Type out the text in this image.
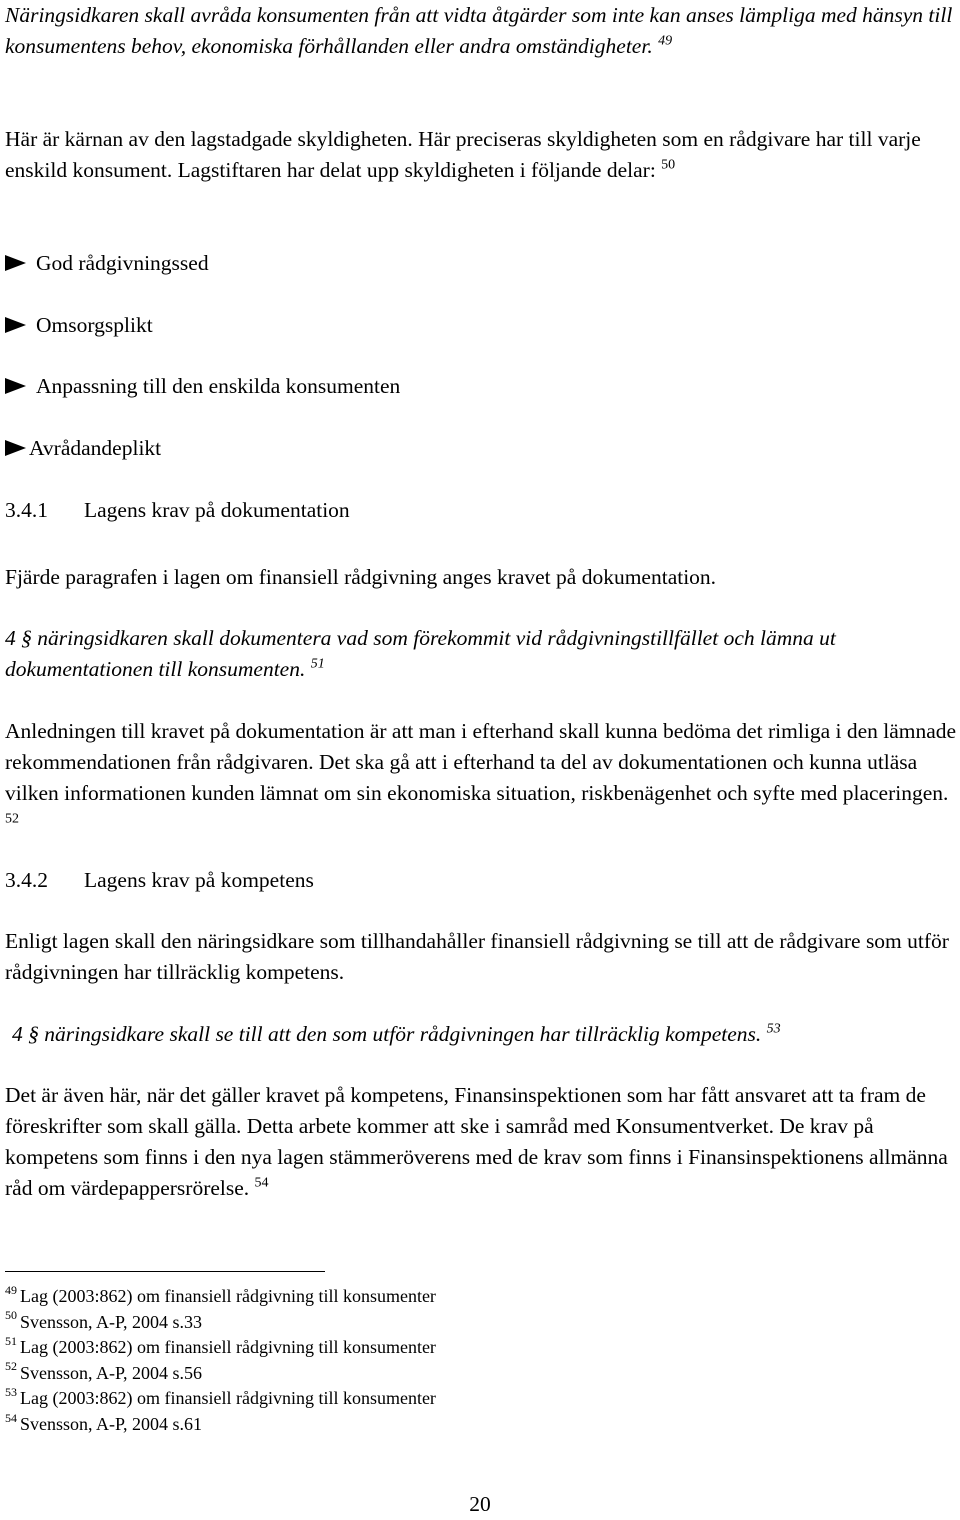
Näringsidkaren skall avråda konsumenten från att vidta åtgärder som inte kan anses lämpliga med hänsyn till konsumentens behov, ekonomiska förhållanden eller andra omständigheter. $^{49}$
Här är kärnan av den lagstadgade skyldigheten. Här preciseras skyldigheten som en rådgivare har till varje enskild konsument. Lagstiftaren har delat upp skyldigheten i följande delar: $^{50}$
God rådgivningssed
Omsorgsplikt
Anpassning till den enskilda konsumenten
Avrådandeplikt
3.4.1 Lagens krav på dokumentation
Fjärde paragrafen i lagen om finansiell rådgivning anges kravet på dokumentation.
4 § näringsidkaren skall dokumentera vad som förekommit vid rådgivningstillfället och lämna ut dokumentationen till konsumenten. $^{51}$
Anledningen till kravet på dokumentation är att man i efterhand skall kunna bedöma det rimliga i den lämnade rekommendationen från rådgivaren. Det ska gå att i efterhand ta del av dokumentationen och kunna utläsa vilken informationen kunden lämnat om sin ekonomiska situation, riskbenägenhet och syfte med placeringen. $^{52}$
3.4.2 Lagens krav på kompetens
Enligt lagen skall den näringsidkare som tillhandahåller finansiell rådgivning se till att de rådgivare som utför rådgivningen har tillräcklig kompetens.
4 § näringsidkare skall se till att den som utför rådgivningen har tillräcklig kompetens. $^{53}$
Det är även här, när det gäller kravet på kompetens, Finansinspektionen som har fått ansvaret att ta fram de föreskrifter som skall gälla. Detta arbete kommer att ske i samråd med Konsumentverket. De krav på kompetens som finns i den nya lagen stämmeröverens med de krav som finns i Finansinspektionens allmänna råd om värdepappersrörelse. $^{54}$
$^{49}$ Lag (2003:862) om finansiell rådgivning till konsumenter
$^{50}$ Svensson, A-P, 2004 s.33
$^{51}$ Lag (2003:862) om finansiell rådgivning till konsumenter
$^{52}$ Svensson, A-P, 2004 s.56
$^{53}$ Lag (2003:862) om finansiell rådgivning till konsumenter
$^{54}$ Svensson, A-P, 2004 s.61
20
